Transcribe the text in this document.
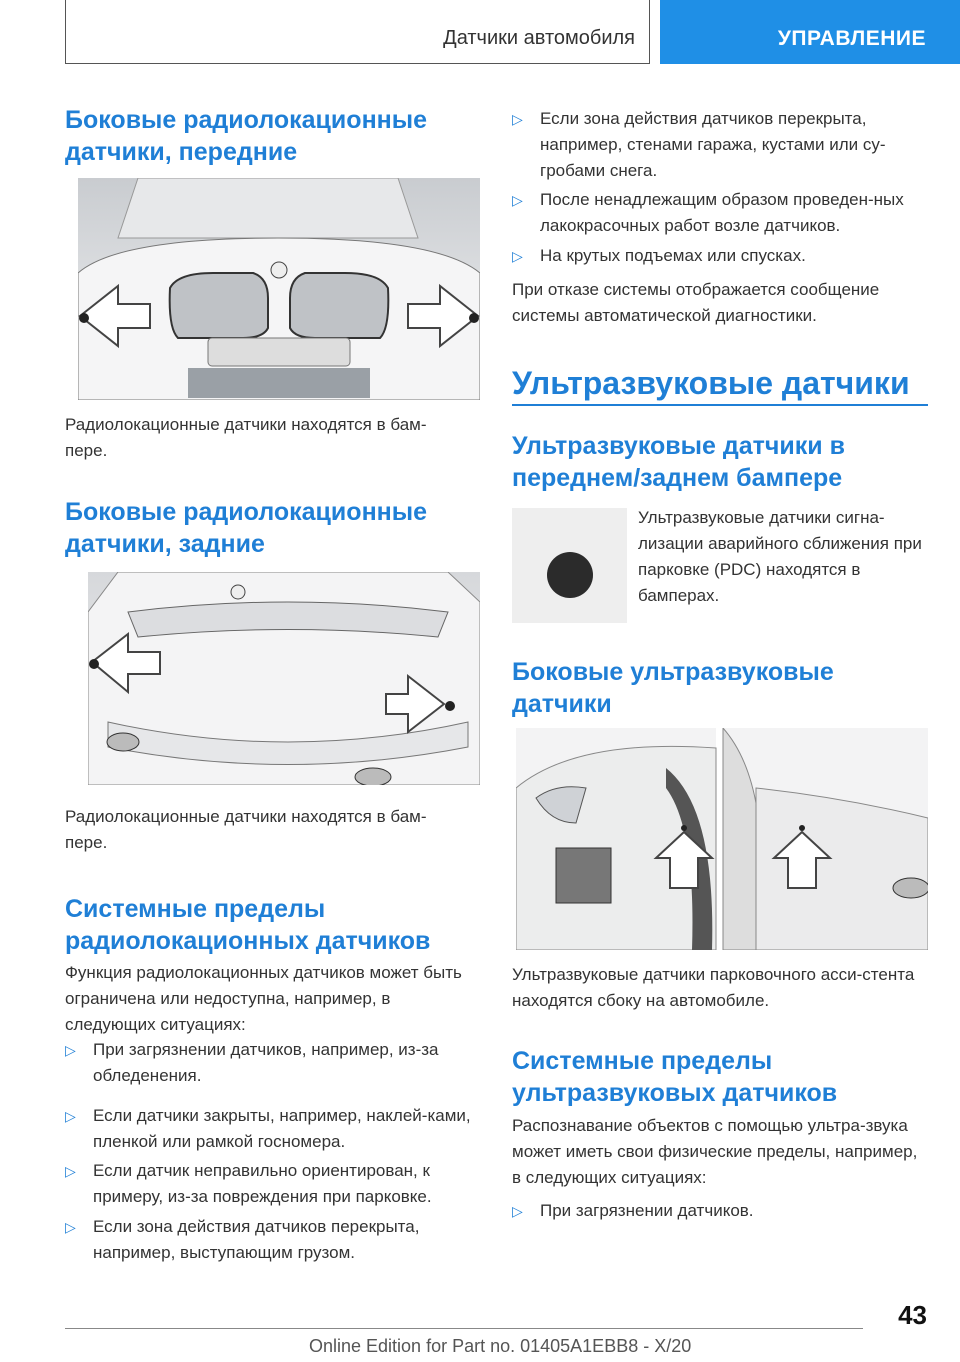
Датчики автомобиля	УПРАВЛЕНИЕ
Боковые радиолокационные датчики, передние

Радиолокационные датчики находятся в бам-пере.

Боковые радиолокационные датчики, задние

Радиолокационные датчики находятся в бам-пере.

Системные пределы радиолокационных датчиков

Функция радиолокационных датчиков может быть ограничена или недоступна, например, в следующих ситуациях:

▷ При загрязнении датчиков, например, из-за обледенения.
▷ Если датчики закрыты, например, наклей-ками, пленкой или рамкой госномера.
▷ Если датчик неправильно ориентирован, к примеру, из-за повреждения при парковке.
▷ Если зона действия датчиков перекрыта, например, выступающим грузом.
▷ Если зона действия датчиков перекрыта, например, стенами гаража, кустами или су-гробами снега.
▷ После ненадлежащим образом проведен-ных лакокрасочных работ возле датчиков.
▷ На крутых подъемах или спусках.

При отказе системы отображается сообщение системы автоматической диагностики.

Ультразвуковые датчики
Ультразвуковые датчики в переднем/заднем бампере

Ультразвуковые датчики сигна-лизации аварийного сближения при парковке (PDC) находятся в бамперах.

Боковые ультразвуковые датчики

Ультразвуковые датчики парковочного асси-стента находятся сбоку на автомобиле.

Системные пределы ультразвуковых датчиков

Распознавание объектов с помощью ультра-звука может иметь свои физические пределы, например, в следующих ситуациях:

▷ При загрязнении датчиков.
43
Online Edition for Part no. 01405A1EBB8 - X/20
